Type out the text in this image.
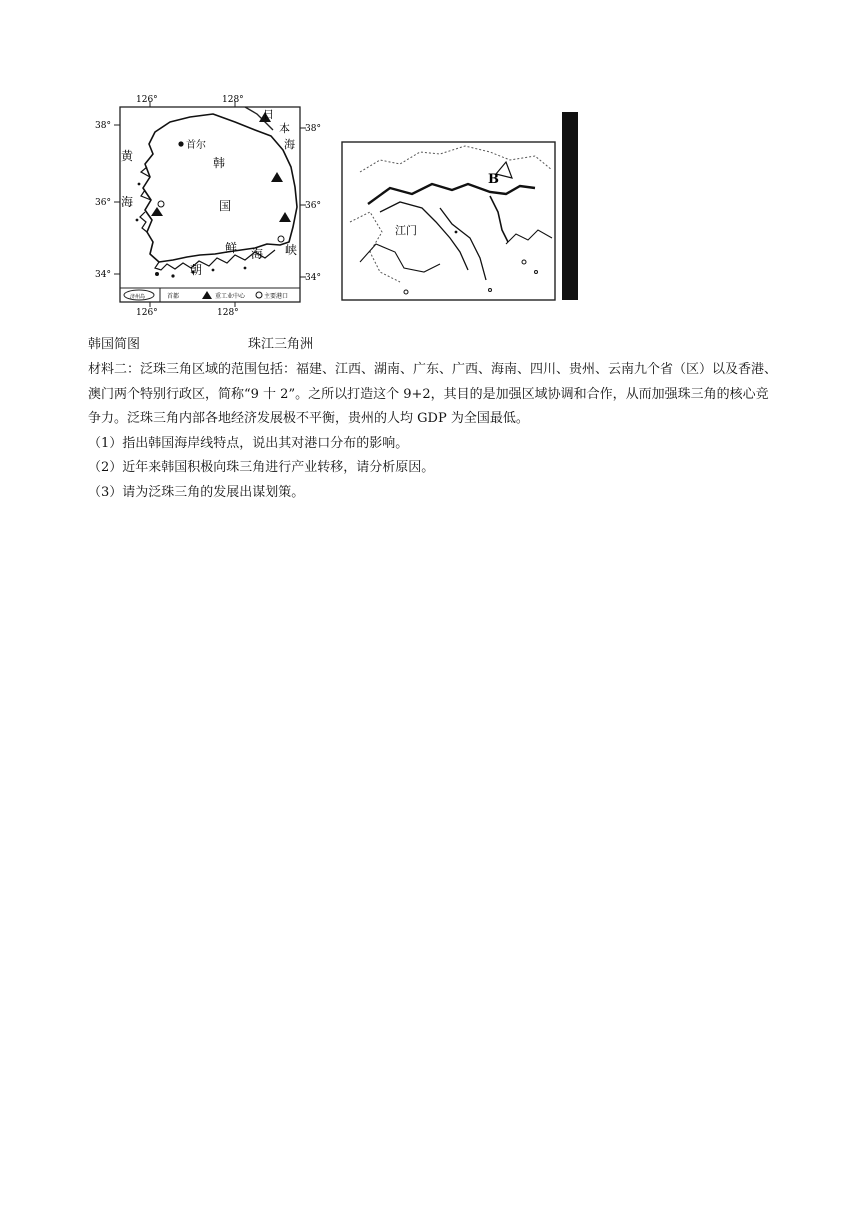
126°	128°
126°	128°
38°
36°
34°
38°
36°
34°
首尔
韩
国
黄
海
日
本
海
朝
鲜 海 峡
济州岛	首都	重工业中心	主要港口
B
江门
韩国简图	珠江三角洲

材料二：泛珠三角区域的范围包括：福建、江西、湖南、广东、广西、海南、四川、贵州、云南九个省（区）以及香港、澳门两个特别行政区，简称“9 十 2”。之所以打造这个 9+2，其目的是加强区域协调和合作，从而加强珠三角的核心竞争力。泛珠三角内部各地经济发展极不平衡，贵州的人均 GDP 为全国最低。

（1）指出韩国海岸线特点，说出其对港口分布的影响。

（2）近年来韩国积极向珠三角进行产业转移，请分析原因。

（3）请为泛珠三角的发展出谋划策。
